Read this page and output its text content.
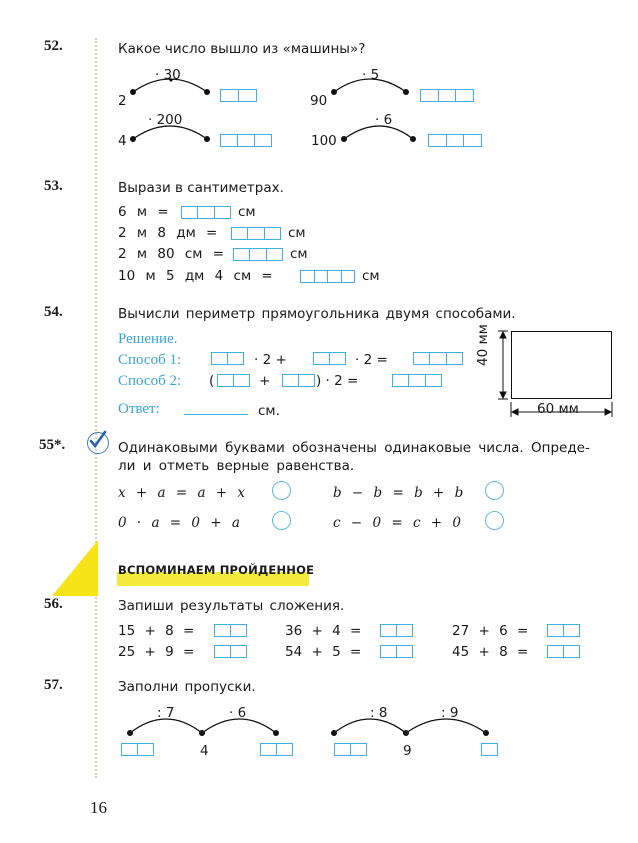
52.	Какое число вышло из «машины»?
2
· 30
90
· 5
4
· 200
100
· 6
53.	Вырази в сантиметрах.
6 м =	см
2 м 8 дм =	см
2 м 80 см =	см
10 м 5 дм 4 см =	см
54.	Вычисли периметр прямоугольника двумя способами.
Решение.
Способ 1:	· 2 +	· 2 =
Способ 2: (	+	) · 2 =
Ответ:	см.
40 мм
60 мм
55*.	Одинаковыми буквами обозначены одинаковые числа. Опреде-
ли и отметь верные равенства.
x + a = a + x	b − b = b + b
0 · a = 0 + a	c − 0 = c + 0
ВСПОМИНАЕМ ПРОЙДЕННОЕ
56.	Запиши результаты сложения.
15 + 8 =	36 + 4 =	27 + 6 =
25 + 9 =	54 + 5 =	45 + 8 =
57.	Заполни пропуски.
: 7	· 6	: 8	: 9
4	9
16
